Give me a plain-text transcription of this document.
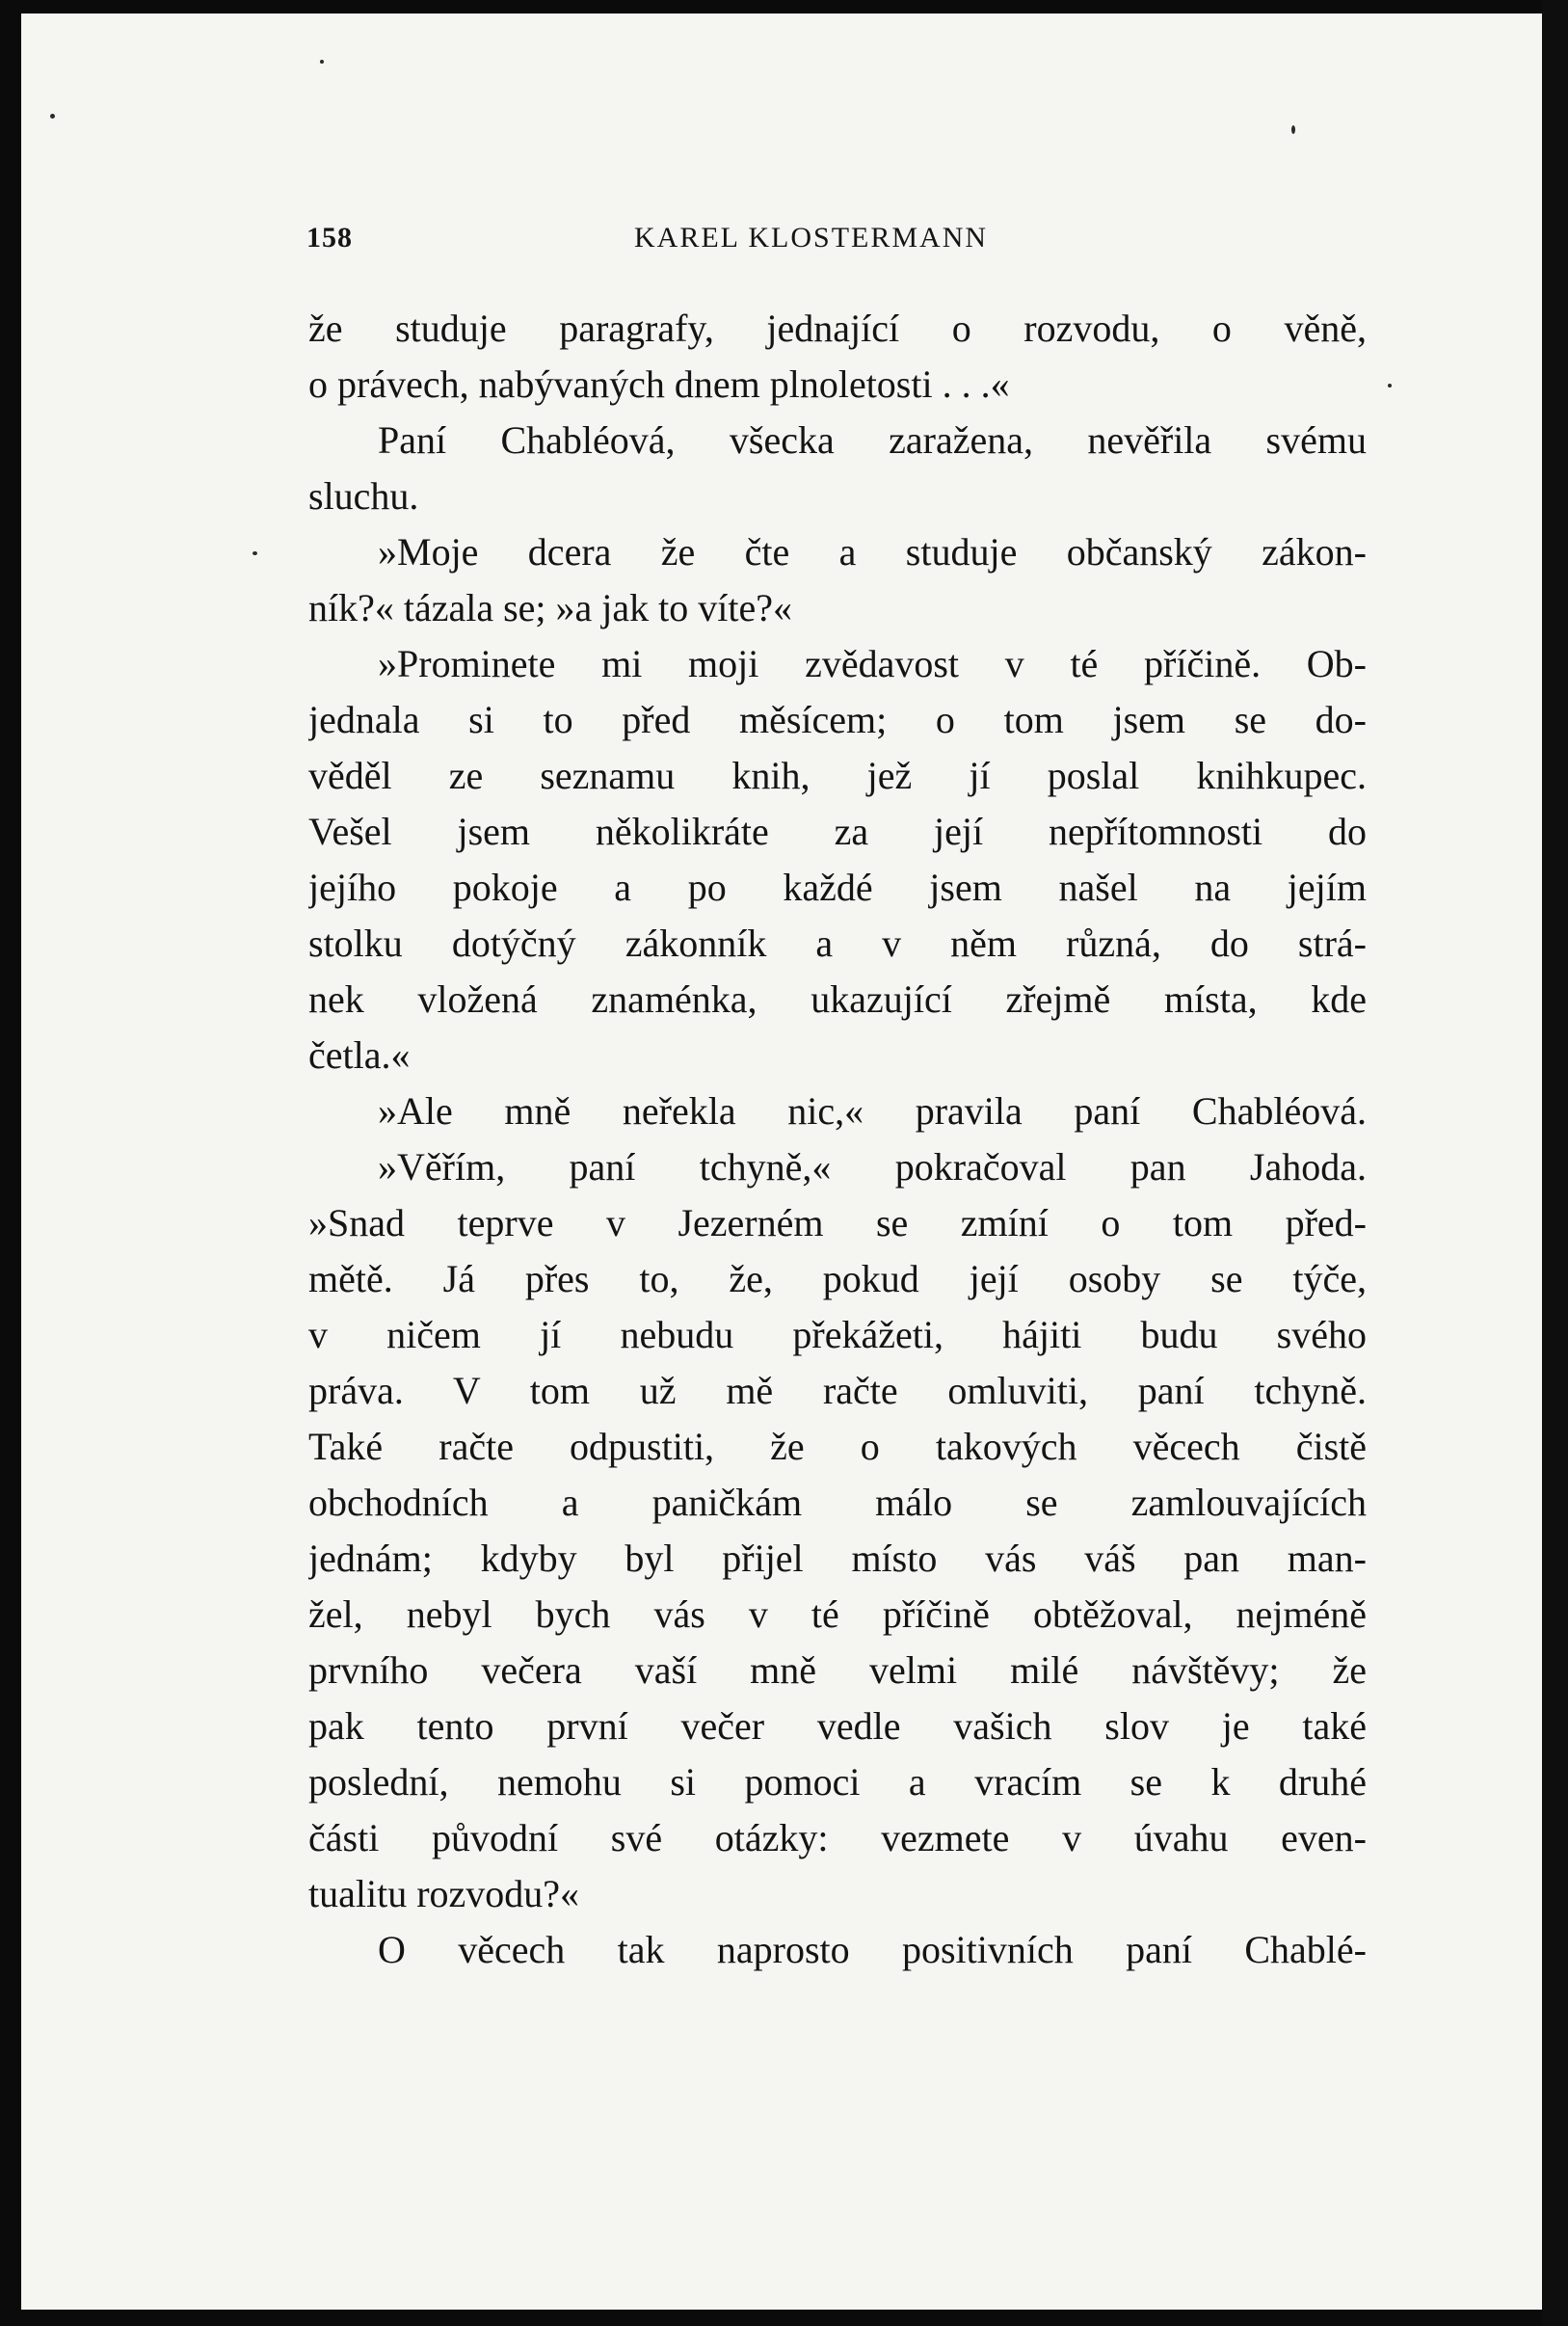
158	KAREL KLOSTERMANN
že studuje paragrafy, jednající o rozvodu, o věně,
o právech, nabývaných dnem plnoletosti . . .«
Paní Chabléová, všecka zaražena, nevěřila svému
sluchu.
»Moje dcera že čte a studuje občanský zákon-
ník?« tázala se; »a jak to víte?«
»Prominete mi moji zvědavost v té příčině. Ob-
jednala si to před měsícem; o tom jsem se do-
věděl ze seznamu knih, jež jí poslal knihkupec.
Vešel jsem několikráte za její nepřítomnosti do
jejího pokoje a po každé jsem našel na jejím
stolku dotýčný zákonník a v něm různá, do strá-
nek vložená znaménka, ukazující zřejmě místa, kde
četla.«
»Ale mně neřekla nic,« pravila paní Chabléová.
»Věřím, paní tchyně,« pokračoval pan Jahoda.
»Snad teprve v Jezerném se zmíní o tom před-
mětě. Já přes to, že, pokud její osoby se týče,
v ničem jí nebudu překážeti, hájiti budu svého
práva. V tom už mě račte omluviti, paní tchyně.
Také račte odpustiti, že o takových věcech čistě
obchodních a paničkám málo se zamlouvajících
jednám; kdyby byl přijel místo vás váš pan man-
žel, nebyl bych vás v té příčině obtěžoval, nejméně
prvního večera vaší mně velmi milé návštěvy; že
pak tento první večer vedle vašich slov je také
poslední, nemohu si pomoci a vracím se k druhé
části původní své otázky: vezmete v úvahu even-
tualitu rozvodu?«
O věcech tak naprosto positivních paní Chablé-
